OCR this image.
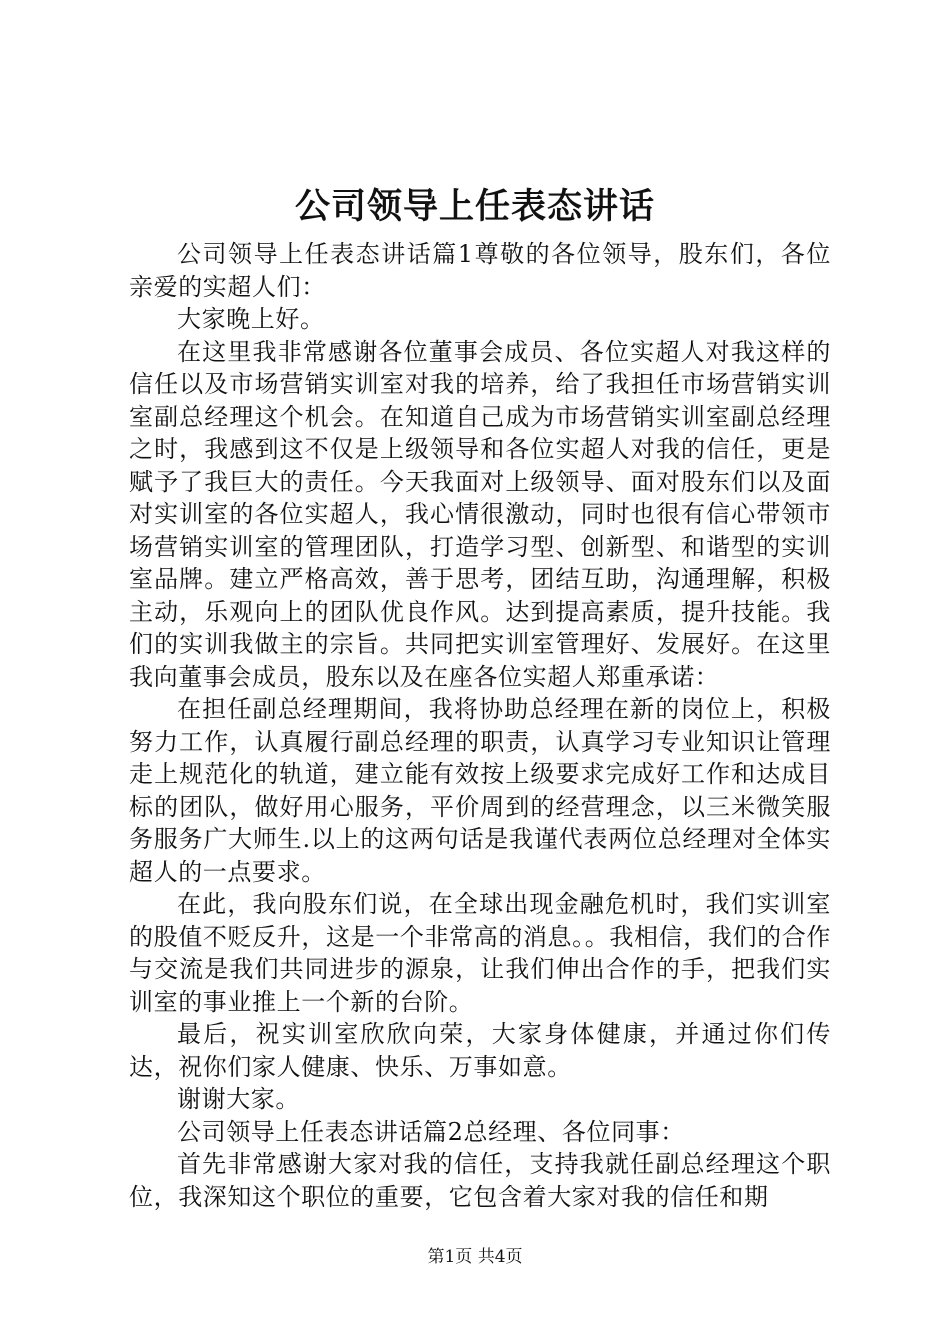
公司领导上任表态讲话

公司领导上任表态讲话篇1尊敬的各位领导，股东们，各位亲爱的实超人们：

大家晚上好。

在这里我非常感谢各位董事会成员、各位实超人对我这样的信任以及市场营销实训室对我的培养，给了我担任市场营销实训室副总经理这个机会。在知道自己成为市场营销实训室副总经理之时，我感到这不仅是上级领导和各位实超人对我的信任，更是赋予了我巨大的责任。今天我面对上级领导、面对股东们以及面对实训室的各位实超人，我心情很激动，同时也很有信心带领市场营销实训室的管理团队，打造学习型、创新型、和谐型的实训室品牌。建立严格高效，善于思考，团结互助，沟通理解，积极主动，乐观向上的团队优良作风。达到提高素质，提升技能。我们的实训我做主的宗旨。共同把实训室管理好、发展好。在这里我向董事会成员，股东以及在座各位实超人郑重承诺：

在担任副总经理期间，我将协助总经理在新的岗位上，积极努力工作，认真履行副总经理的职责，认真学习专业知识让管理走上规范化的轨道，建立能有效按上级要求完成好工作和达成目标的团队，做好用心服务，平价周到的经营理念，以三米微笑服务服务广大师生.以上的这两句话是我谨代表两位总经理对全体实超人的一点要求。

在此，我向股东们说，在全球出现金融危机时，我们实训室的股值不贬反升，这是一个非常高的消息。。我相信，我们的合作与交流是我们共同进步的源泉，让我们伸出合作的手，把我们实训室的事业推上一个新的台阶。

最后，祝实训室欣欣向荣，大家身体健康，并通过你们传达，祝你们家人健康、快乐、万事如意。

谢谢大家。

公司领导上任表态讲话篇2总经理、各位同事：

首先非常感谢大家对我的信任，支持我就任副总经理这个职位，我深知这个职位的重要，它包含着大家对我的信任和期

第1页 共4页
